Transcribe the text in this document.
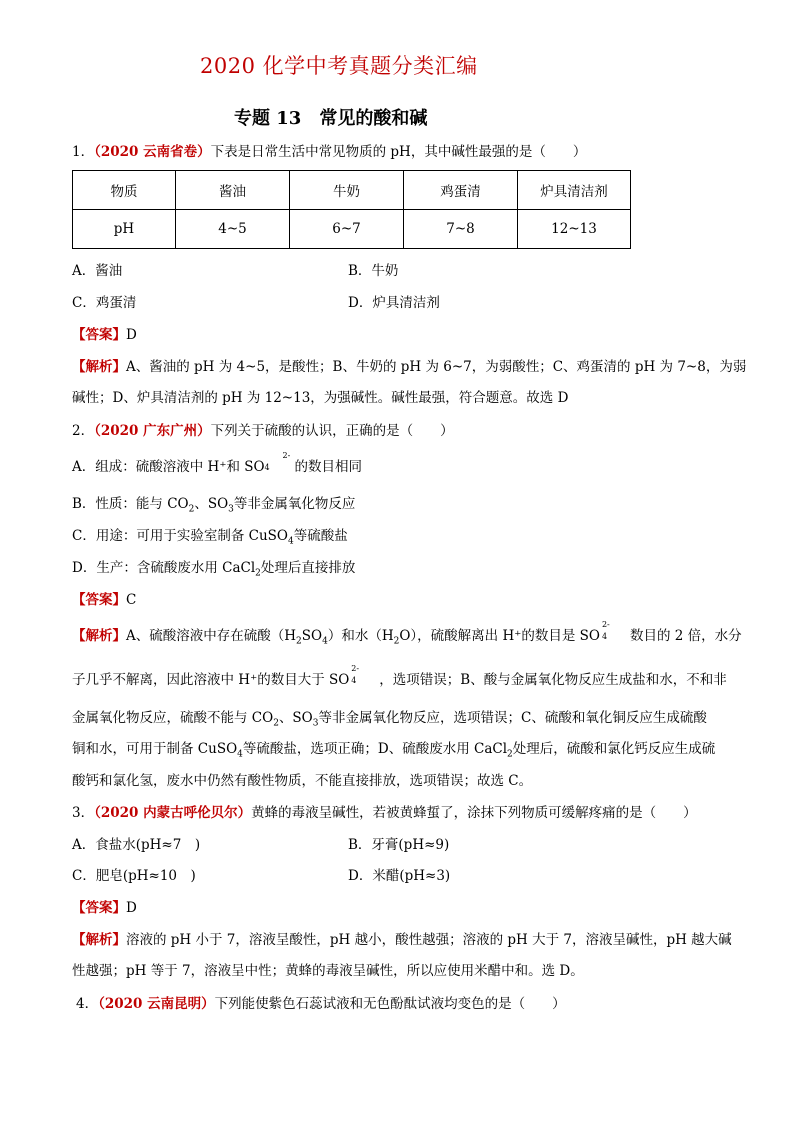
2020 化学中考真题分类汇编
专题 13　常见的酸和碱
1．（2020 云南省卷）下表是日常生活中常见物质的 pH，其中碱性最强的是（　　）
物质	酱油	牛奶	鸡蛋清	炉具清洁剂
pH	4~5	6~7	7~8	12~13
A．酱油	B．牛奶
C．鸡蛋清	D．炉具清洁剂
【答案】D
【解析】A、酱油的 pH 为 4~5，是酸性；B、牛奶的 pH 为 6~7，为弱酸性；C、鸡蛋清的 pH 为 7~8，为弱
碱性；D、炉具清洁剂的 pH 为 12~13，为强碱性。碱性最强，符合题意。故选 D
2．（2020 广东广州）下列关于硫酸的认识，正确的是（　　）
A．组成：硫酸溶液中 H⁺和 SO
2-
4 的数目相同
B．性质：能与 $CO_2$、$SO_3$等非金属氧化物反应
C．用途：可用于实验室制备 CuSO$_4$等硫酸盐
D．生产：含硫酸废水用 CaCl$_2$处理后直接排放
【答案】C
【解析】A、硫酸溶液中存在硫酸$(H_2SO_4)$和水$(H_2O)$，硫酸解离出 H⁺的数目是 SO
2-
4 数目的 2 倍，水分
子几乎不解离，因此溶液中 H⁺的数目大于 SO
2-
4 ，选项错误；B、酸与金属氧化物反应生成盐和水，不和非
金属氧化物反应，硫酸不能与 $CO_2$、$SO_3$等非金属氧化物反应，选项错误；C、硫酸和氧化铜反应生成硫酸
铜和水，可用于制备 CuSO$_4$等硫酸盐，选项正确；D、硫酸废水用 CaCl$_2$处理后，硫酸和氯化钙反应生成硫
酸钙和氯化氢，废水中仍然有酸性物质，不能直接排放，选项错误；故选 C。
3．（2020 内蒙古呼伦贝尔）黄蜂的毒液呈碱性，若被黄蜂蜇了，涂抹下列物质可缓解疼痛的是（　　）
A．食盐水(pH≈7　)	B．牙膏(pH≈9)
C．肥皂(pH≈10　)	D．米醋(pH≈3)
【答案】D
【解析】溶液的 pH 小于 7，溶液呈酸性，pH 越小，酸性越强；溶液的 pH 大于 7，溶液呈碱性，pH 越大碱
性越强；pH 等于 7，溶液呈中性；黄蜂的毒液呈碱性，所以应使用米醋中和。选 D。
4．（2020 云南昆明）下列能使紫色石蕊试液和无色酚酞试液均变色的是（　　）
